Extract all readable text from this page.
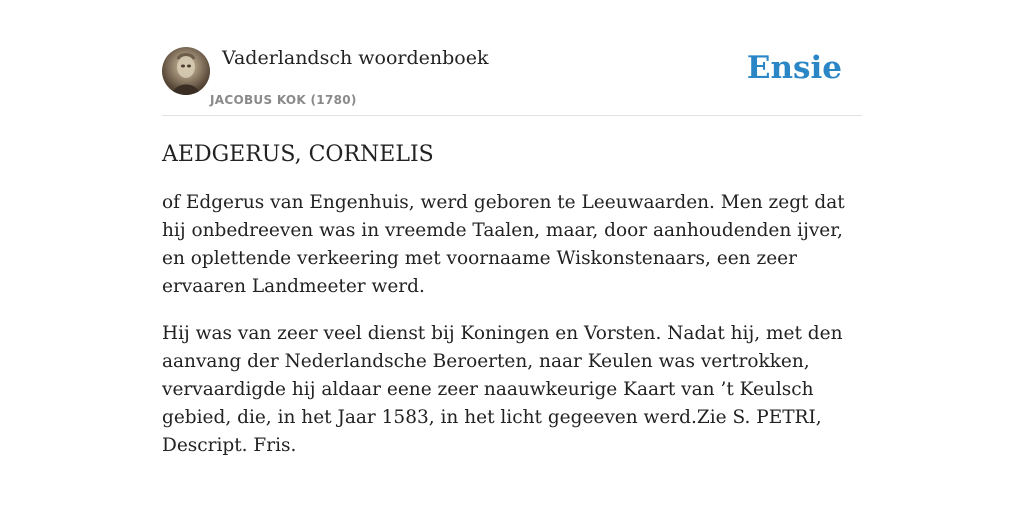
Vaderlandsch woordenboek
JACOBUS KOK (1780)
Ensie
AEDGERUS, CORNELIS

of Edgerus van Engenhuis, werd geboren te Leeuwaarden. Men zegt dat hij onbedreeven was in vreemde Taalen, maar, door aanhoudenden ijver, en oplettende verkeering met voornaame Wiskonstenaars, een zeer ervaaren Landmeeter werd.

Hij was van zeer veel dienst bij Koningen en Vorsten. Nadat hij, met den aanvang der Nederlandsche Beroerten, naar Keulen was vertrokken, vervaardigde hij aldaar eene zeer naauwkeurige Kaart van ’t Keulsch gebied, die, in het Jaar 1583, in het licht gegeeven werd.Zie S. PETRI, Descript. Fris.
